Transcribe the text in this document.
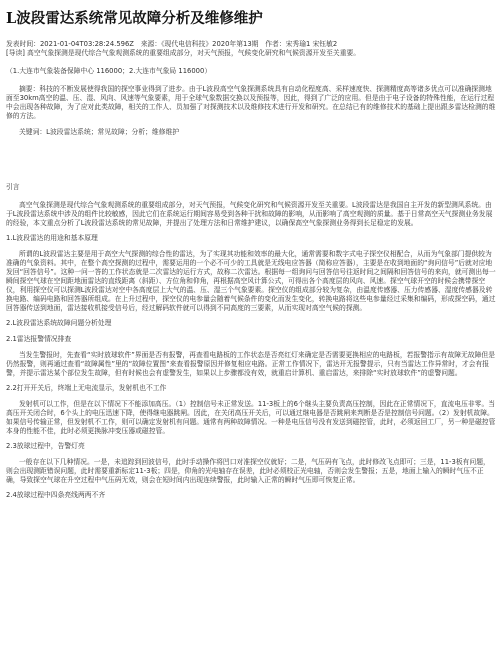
L波段雷达系统常见故障分析及维修维护
发表时间：2021-01-04T03:28:24.596Z　来源：《现代电信科技》2020年第13期　作者：宋秀瑜1 宋钰敏2
[导读] 高空气象探测是现代综合气象观测系统的重要组成部分，对天气预报，气候变化研究和气候资源开发至关重要。
（1.大连市气象装备保障中心 116000；2.大连市气象局 116000）

摘要：科技的不断发展使得我国的探空事业得到了进步。由于L波段高空气象探测系统具有自动化程度高、采样速度快、探测精度高等诸多优点可以准确探测地面至30km高空的温、压、湿、风向、风速等气象要素，用于全球气象数据交换以及预报等，因此，得到了广泛的应用。但是由于电子设备的特殊性能，在运行过程中会出现各种故障，为了应对此类故障，相关的工作人、员加强了对探测技术以及维修技术进行开发和研究。在总结已有的维修技术的基础上提出跟多雷达检测的维修的方法。

关键词：L波段雷达系统；常见故障；分析；维修维护
引言

高空气象探测是现代综合气象观测系统的重要组成部分，对天气预报，气候变化研究和气候资源开发至关重要。L波段雷达是我国自主开发的新型测风系统。由于L波段雷达系统中涉及的组件比较敏感，因此它们在系统运行期间容易受到各种干扰和故障的影响，从而影响了高空观测的质量。基于日常高空天气探测业务发展的经验，本文重点分析了L波段雷达系统的常见故障，并提出了处理方法和日常维护建议，以确保高空气象探测业务得到长足稳定的发展。

1.L波段雷达的用途和基本原理

所谓的L波段雷达主要是用于高空大气探测的综合性的雷达，为了实现其功能和效率的最大化，通常需要和数字式电子探空仪相配合，从而为气象部门提供较为准确的气象资料。其中，在整个高空探测的过程中，需要运用的一个必不可少的工具就是无线电应答器（简称应答器），主要是在收到地面的“询问信号”后就对应地发回“回答信号”。这种一问一答的工作状态就是二次雷达的运行方式，故称二次雷达。根据每一组询问与回答信号往返时间之间隔和回答信号的来向，就可测出每一瞬间探空气球在空间距地面雷达的直线距离（斜距）、方位角和仰角，再根据高空风计算公式，可得出各个高度层的风向、风速。探空气球开空的时候会携带探空仪，利用探空仪可以探测L波段雷达对空中各高度层上大气的温、压、湿三个气象要素。探空仪的组成部分较为复杂，由温度传感器、压力传感器、湿度传感器及转换电路、编码电路和回答器所组成。在上升过程中，探空仪的电参量会随着气候条件的变化而发生变化，转换电路将这些电参量经过采集和编码，形成探空码，通过回答器传送到地面，雷达接收机接受信号后，经过解码软件就可以得到不同高度的三要素，从而实现对高空气候的探测。

2.L波段雷达系统故障问题分析处理
2.1雷达报警情况排查

当发生警报时，先查看“实时放球软件”界面是否有报警，再查看电路板的工作状态是否亮红灯来确定是否需要更换相应的电路板，若报警指示有故障无故障但是仍然报警，则再通过查看“故障属性”里的“故障位置图”来查看报警原因并修复相应电路。正常工作情况下，雷达开无报警提示，只有当雷达工作异常时，才会有报警，并提示雷达某个部位发生故障，但有时候也会有虚警发生，如果以上步骤都没有效，就重启计算机、重启雷达，来排除“实时放球软件”的虚警问题。

2.2打开开关后，终端上无电流显示，发射机也不工作

发射机可以工作，但是在以下情况下不能添加高压。（1）控制信号未正常发送。11-3板上的6个继头主要负责高压控制，因此在正常情况下，直流电压非零。当高压开关闭合时，6个头上的电压迅速下降，使得继电器跳闸。因此，在关闭高压开关后，可以通过继电器是否跳闸来判断是否是控制信号问题。（2）发射机故障。如果信号传输正常，但发射机不工作，则可以确定发射机有问题。通常有两种故障情况。一种是电压信号没有发送到磁控管，此时，必须返回工厂，另一种是磁控管本身的性能不佳，此时必须更换脉冲变压器或磁控管。

2.3放球过程中，告警灯亮

一般存在以下几种情况。一是，未追踪到回波信号，此时手动操作将凹口对准探空仪就好；二是，气压码有飞点，此时修改飞点即可；三是，11-3板有问题，则会出现测距错误问题，此时需要重新标定11-3板；四是，仰角的光电轴存在误差，此时必须校正光电轴，否则会发生警报；五是，地面上输入的瞬时气压不正确，导致探空气球在升空过程中气压码无效，则会在短时间内出现连续警报，此时输入正常的瞬时气压即可恢复正常。

2.4放球过程中四条亮线两两不齐
